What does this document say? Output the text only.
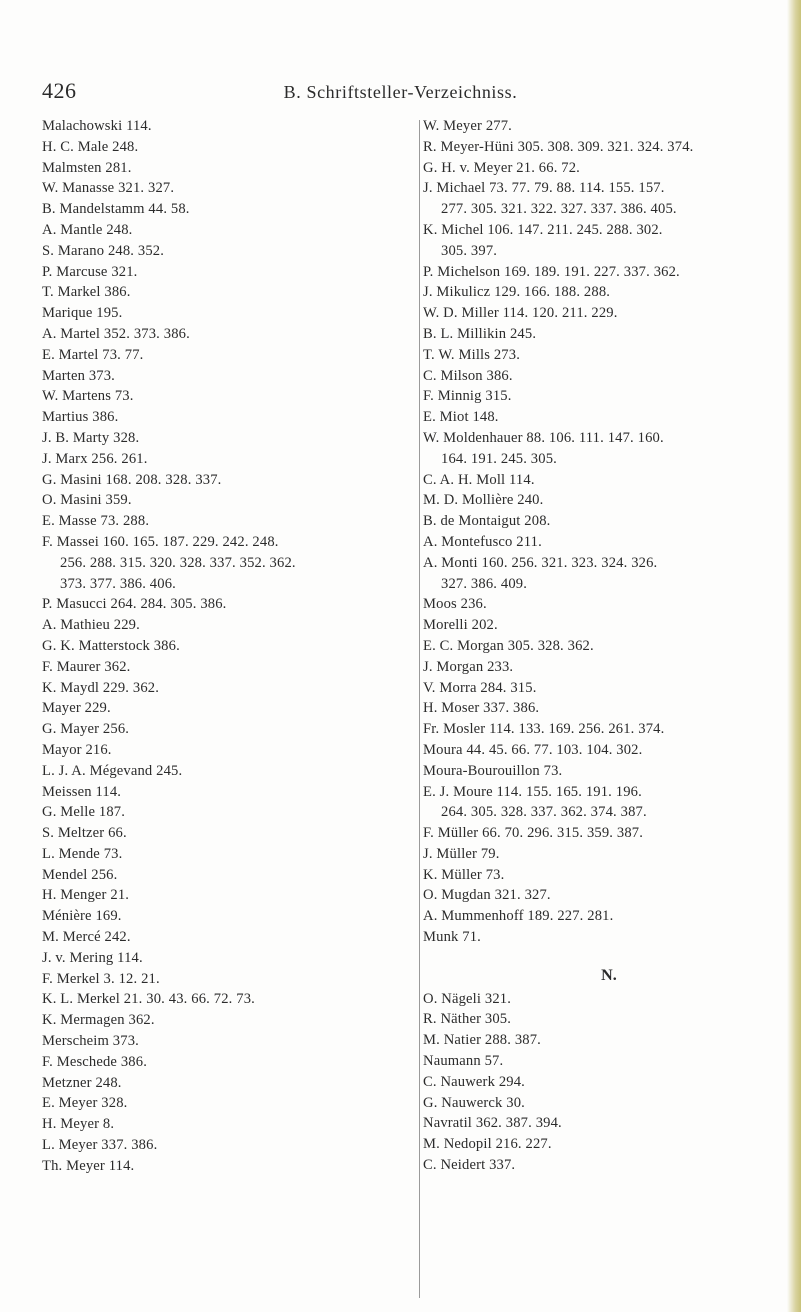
426	B. Schriftsteller-Verzeichniss.
Malachowski 114.
H. C. Male 248.
Malmsten 281.
W. Manasse 321. 327.
B. Mandelstamm 44. 58.
A. Mantle 248.
S. Marano 248. 352.
P. Marcuse 321.
T. Markel 386.
Marique 195.
A. Martel 352. 373. 386.
E. Martel 73. 77.
Marten 373.
W. Martens 73.
Martius 386.
J. B. Marty 328.
J. Marx 256. 261.
G. Masini 168. 208. 328. 337.
O. Masini 359.
E. Masse 73. 288.
F. Massei 160. 165. 187. 229. 242. 248.
256. 288. 315. 320. 328. 337. 352. 362.
373. 377. 386. 406.
P. Masucci 264. 284. 305. 386.
A. Mathieu 229.
G. K. Matterstock 386.
F. Maurer 362.
K. Maydl 229. 362.
Mayer 229.
G. Mayer 256.
Mayor 216.
L. J. A. Mégevand 245.
Meissen 114.
G. Melle 187.
S. Meltzer 66.
L. Mende 73.
Mendel 256.
H. Menger 21.
Ménière 169.
M. Mercé 242.
J. v. Mering 114.
F. Merkel 3. 12. 21.
K. L. Merkel 21. 30. 43. 66. 72. 73.
K. Mermagen 362.
Merscheim 373.
F. Meschede 386.
Metzner 248.
E. Meyer 328.
H. Meyer 8.
L. Meyer 337. 386.
Th. Meyer 114.
W. Meyer 277.
R. Meyer-Hüni 305. 308. 309. 321. 324. 374.
G. H. v. Meyer 21. 66. 72.
J. Michael 73. 77. 79. 88. 114. 155. 157.
277. 305. 321. 322. 327. 337. 386. 405.
K. Michel 106. 147. 211. 245. 288. 302.
305. 397.
P. Michelson 169. 189. 191. 227. 337. 362.
J. Mikulicz 129. 166. 188. 288.
W. D. Miller 114. 120. 211. 229.
B. L. Millikin 245.
T. W. Mills 273.
C. Milson 386.
F. Minnig 315.
E. Miot 148.
W. Moldenhauer 88. 106. 111. 147. 160.
164. 191. 245. 305.
C. A. H. Moll 114.
M. D. Mollière 240.
B. de Montaigut 208.
A. Montefusco 211.
A. Monti 160. 256. 321. 323. 324. 326.
327. 386. 409.
Moos 236.
Morelli 202.
E. C. Morgan 305. 328. 362.
J. Morgan 233.
V. Morra 284. 315.
H. Moser 337. 386.
Fr. Mosler 114. 133. 169. 256. 261. 374.
Moura 44. 45. 66. 77. 103. 104. 302.
Moura-Bourouillon 73.
E. J. Moure 114. 155. 165. 191. 196.
264. 305. 328. 337. 362. 374. 387.
F. Müller 66. 70. 296. 315. 359. 387.
J. Müller 79.
K. Müller 73.
O. Mugdan 321. 327.
A. Mummenhoff 189. 227. 281.
Munk 71.
N.
O. Nägeli 321.
R. Näther 305.
M. Natier 288. 387.
Naumann 57.
C. Nauwerk 294.
G. Nauwerck 30.
Navratil 362. 387. 394.
M. Nedopil 216. 227.
C. Neidert 337.
